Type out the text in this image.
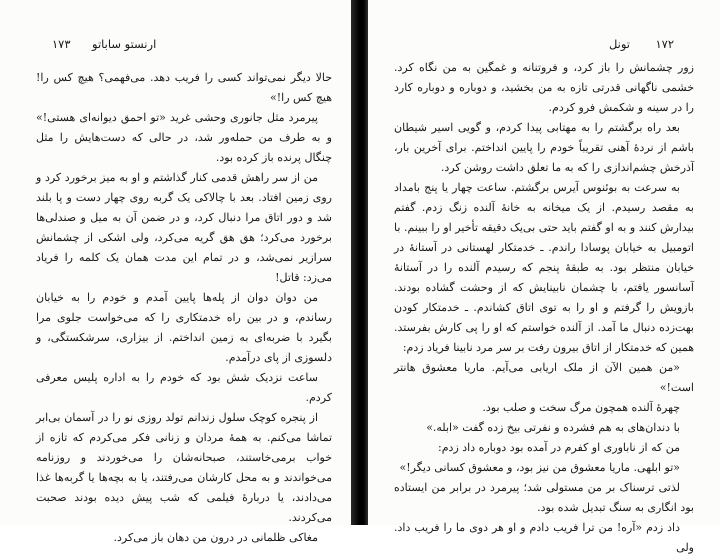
۱۷۳ ارنستو ساباتو

حالا دیگر نمی‌تواند کسی را فریب دهد. می‌فهمی؟ هیچ کس را! هیچ کس را!»

پیرمرد مثل جانوری وحشی غرید «تو احمق دیوانه‌ای هستی!» و به طرف من حمله‌ور شد، در حالی که دست‌هایش را مثل چنگال پرنده باز کرده بود.

من از سر راهش قدمی کنار گذاشتم و او به میز برخورد کرد و روی زمین افتاد. بعد با چالاکی یک گربه روی چهار دست و پا بلند شد و دور اتاق مرا دنبال کرد، و در ضمن آن به میل و صندلی‌ها برخورد می‌کرد؛ هق هق گریه می‌کرد، ولی اشکی از چشمانش سرازیر نمی‌شد، و در تمام این مدت همان یک کلمه را فریاد می‌زد: قاتل!

من دوان دوان از پله‌ها پایین آمدم و خودم را به خیابان رساندم، و در بین راه خدمتکاری را که می‌خواست جلوی مرا بگیرد با ضربه‌ای به زمین انداختم. از بیزاری، سرشکستگی، و دلسوزی از پای درآمدم.

ساعت نزدیک شش بود که خودم را به اداره پلیس معرفی کردم.

از پنجره کوچک سلول زندانم تولد روزی نو را در آسمان بی‌ابر تماشا می‌کنم. به همهٔ مردان و زنانی فکر می‌کردم که تازه از خواب برمی‌خاستند، صبحانه‌شان را می‌خوردند و روزنامه می‌خواندند و به محل کارشان می‌رفتند، یا به بچه‌ها یا گربه‌ها غذا می‌دادند، یا دربارهٔ فیلمی که شب پیش دیده بودند صحبت می‌کردند.

مغاکی ظلمانی در درون من دهان باز می‌کرد.

۱۷۲
تونل

زور چشمانش را باز کرد، و فروتنانه و غمگین به من نگاه کرد. خشمی ناگهانی قدرتی تازه به من بخشید، و دوباره و دوباره کارد را در سینه و شکمش فرو کردم.

بعد راه برگشتم را به مهتابی پیدا کردم، و گویی اسیر شیطان باشم از نردهٔ آهنی تقریباً خودم را پایین انداختم. برای آخرین بار، آذرخش چشم‌اندازی را که به ما تعلق داشت روشن کرد.

به سرعت به بوئنوس آیرس برگشتم. ساعت چهار یا پنج بامداد به مقصد رسیدم. از یک میخانه به خانهٔ آلنده زنگ زدم. گفتم بیدارش کنند و به او گفتم باید حتی بی‌یک دقیقه تأخیر او را ببینم. با اتومبیل به خیابان پوسادا راندم. ـ خدمتکار لهستانی در آستانهٔ در خیابان منتظر بود. به طبقهٔ پنجم که رسیدم آلنده را در آستانهٔ آسانسور یافتم، با چشمان نابینایش که از وحشت گشاده بودند. بازویش را گرفتم و او را به توی اتاق کشاندم. ـ خدمتکار کودن بهت‌زده دنبال ما آمد. از آلنده خواستم که او را پی کارش بفرستد. همین که خدمتکار از اتاق بیرون رفت بر سر مرد نابینا فریاد زدم:

«من همین الآن از ملک اریابی می‌آیم. ماریا معشوق هانتر است!»

چهرهٔ آلنده همچون مرگ سخت و صلب بود.

با دندان‌های به هم فشرده و نفرتی بیخ زده گفت «ابله.»

من که از ناباوری او کفرم در آمده بود دوباره داد زدم:

«تو ابلهی. ماریا معشوق من نیز بود، و معشوق کسانی دیگر!»

لذتی ترسناک بر من مستولی شد؛ پیرمرد در برابر من ایستاده بود انگاری به سنگ تبدیل شده بود.

داد زدم «آره! من ترا فریب دادم و او هر دوی ما را فریب داد. ولی
